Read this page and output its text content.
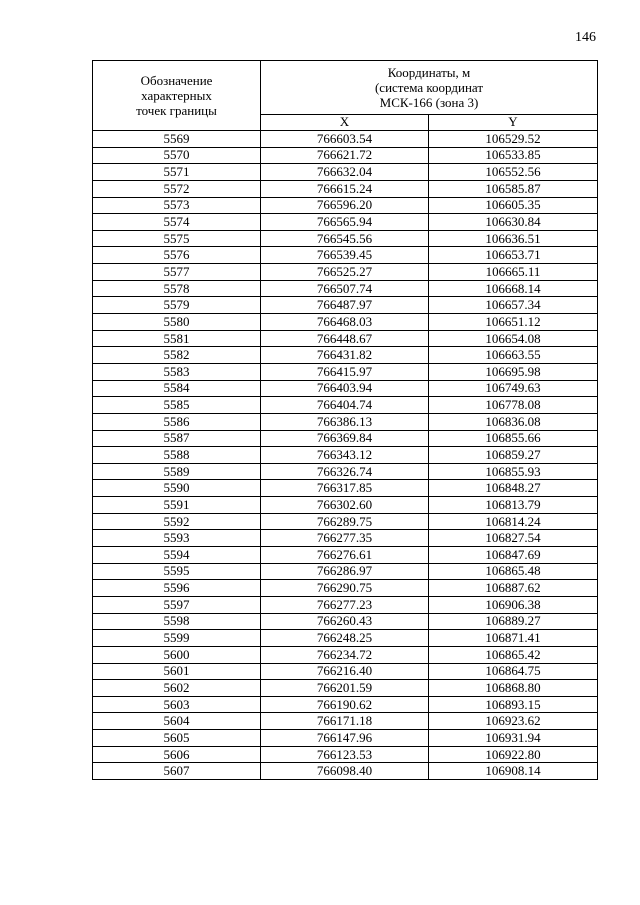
146
Обозначение
характерных
точек границы	Координаты, м
(система координат
МСК-166 (зона 3)	

	X	Y
5569	766603.54	106529.52
5570	766621.72	106533.85
5571	766632.04	106552.56
5572	766615.24	106585.87
5573	766596.20	106605.35
5574	766565.94	106630.84
5575	766545.56	106636.51
5576	766539.45	106653.71
5577	766525.27	106665.11
5578	766507.74	106668.14
5579	766487.97	106657.34
5580	766468.03	106651.12
5581	766448.67	106654.08
5582	766431.82	106663.55
5583	766415.97	106695.98
5584	766403.94	106749.63
5585	766404.74	106778.08
5586	766386.13	106836.08
5587	766369.84	106855.66
5588	766343.12	106859.27
5589	766326.74	106855.93
5590	766317.85	106848.27
5591	766302.60	106813.79
5592	766289.75	106814.24
5593	766277.35	106827.54
5594	766276.61	106847.69
5595	766286.97	106865.48
5596	766290.75	106887.62
5597	766277.23	106906.38
5598	766260.43	106889.27
5599	766248.25	106871.41
5600	766234.72	106865.42
5601	766216.40	106864.75
5602	766201.59	106868.80
5603	766190.62	106893.15
5604	766171.18	106923.62
5605	766147.96	106931.94
5606	766123.53	106922.80
5607	766098.40	106908.14
